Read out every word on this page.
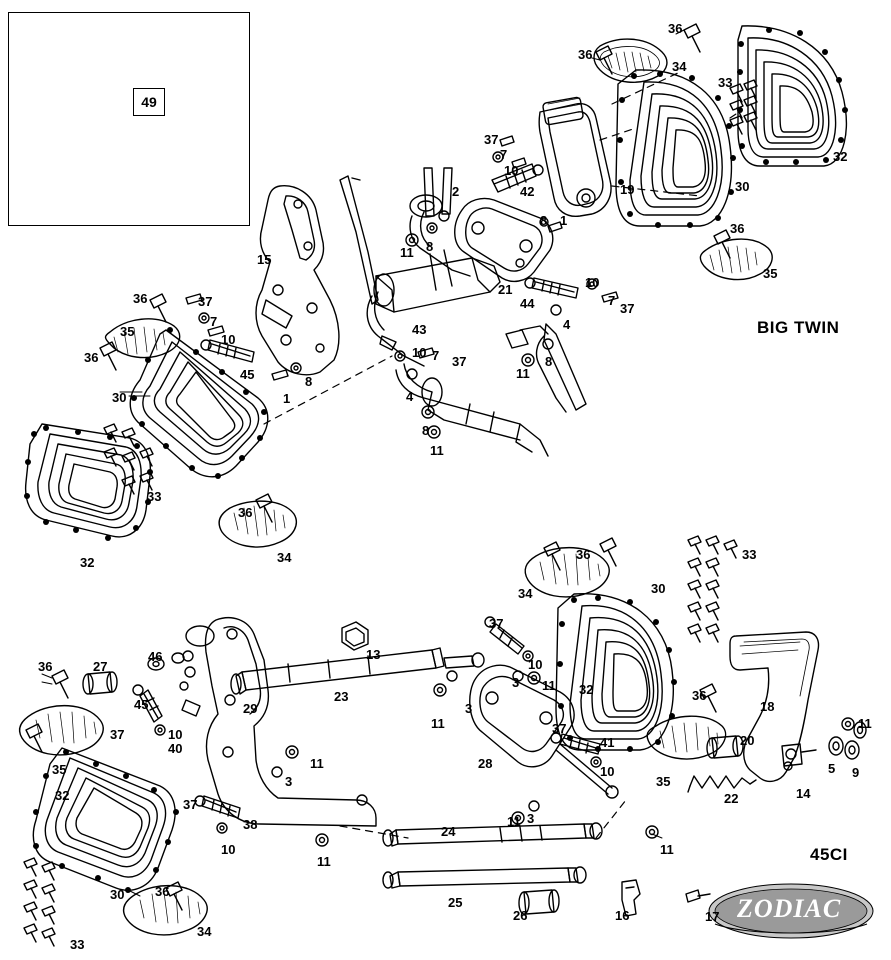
49
BIG TWIN
45CI
ZODIAC
36
36
34
33
32
37
7
10
42	19	30
2
8 1
11 8
15
36
35
21	10
7
37
44
4
36	37
35
7
10
36
45
43
10 7 37
11
8
30	1
8
4
8
11
33
32
36
34	36	33
34	30
37
10
11
3
13
32
23
27
46
36
45
37	10
40
35
32
29
11
3
11
3
28
37
41
10
36
35
18
20
11
5 9
22	14
37
38
10
11
24
11 3
11
25
26	16	17
30 36
34
33
